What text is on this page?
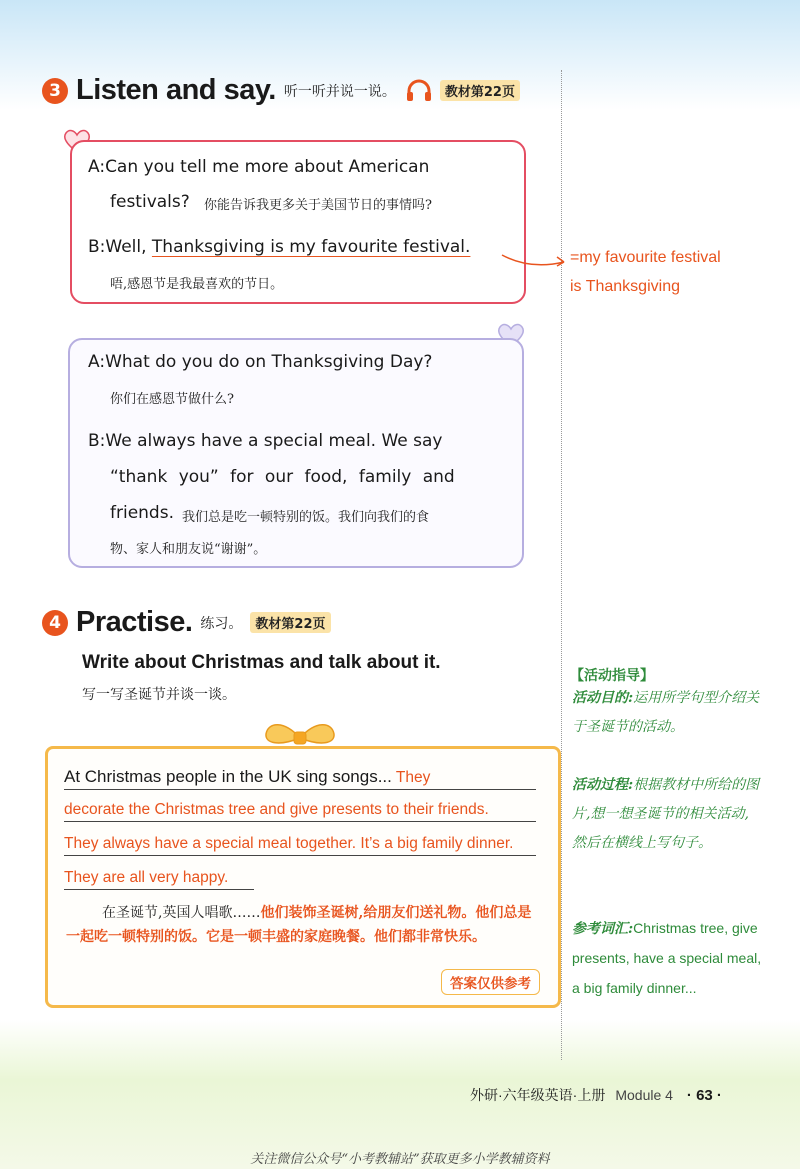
3 Listen and say. 听一听并说一说。	教材第22页
A:Can you tell me more about American
festivals? 你能告诉我更多关于美国节日的事情吗?
B:Well, Thanksgiving is my favourite festival.
唔,感恩节是我最喜欢的节日。
=my favourite festival
is Thanksgiving
A:What do you do on Thanksgiving Day?
你们在感恩节做什么?
B:We always have a special meal. We say
“thank you” for our food, family and
friends. 我们总是吃一顿特别的饭。我们向我们的食
物、家人和朋友说“谢谢”。
4 Practise. 练习。	教材第22页
Write about Christmas and talk about it.
写一写圣诞节并谈一谈。
At Christmas people in the UK sing songs... They
decorate the Christmas tree and give presents to their friends.
They always have a special meal together. It’s a big family dinner.
They are all very happy.
在圣诞节,英国人唱歌……他们装饰圣诞树,给朋友们送礼物。他们总是一起吃一顿特别的饭。它是一顿丰盛的家庭晚餐。他们都非常快乐。
答案仅供参考
【活动指导】
活动目的:运用所学句型介绍关于圣诞节的活动。
活动过程:根据教材中所给的图片,想一想圣诞节的相关活动,然后在横线上写句子。
参考词汇:Christmas tree, give presents, have a special meal, a big family dinner...
外研·六年级英语·上册 Module 4 · 63 ·
关注微信公众号“小考教辅站”获取更多小学教辅资料
